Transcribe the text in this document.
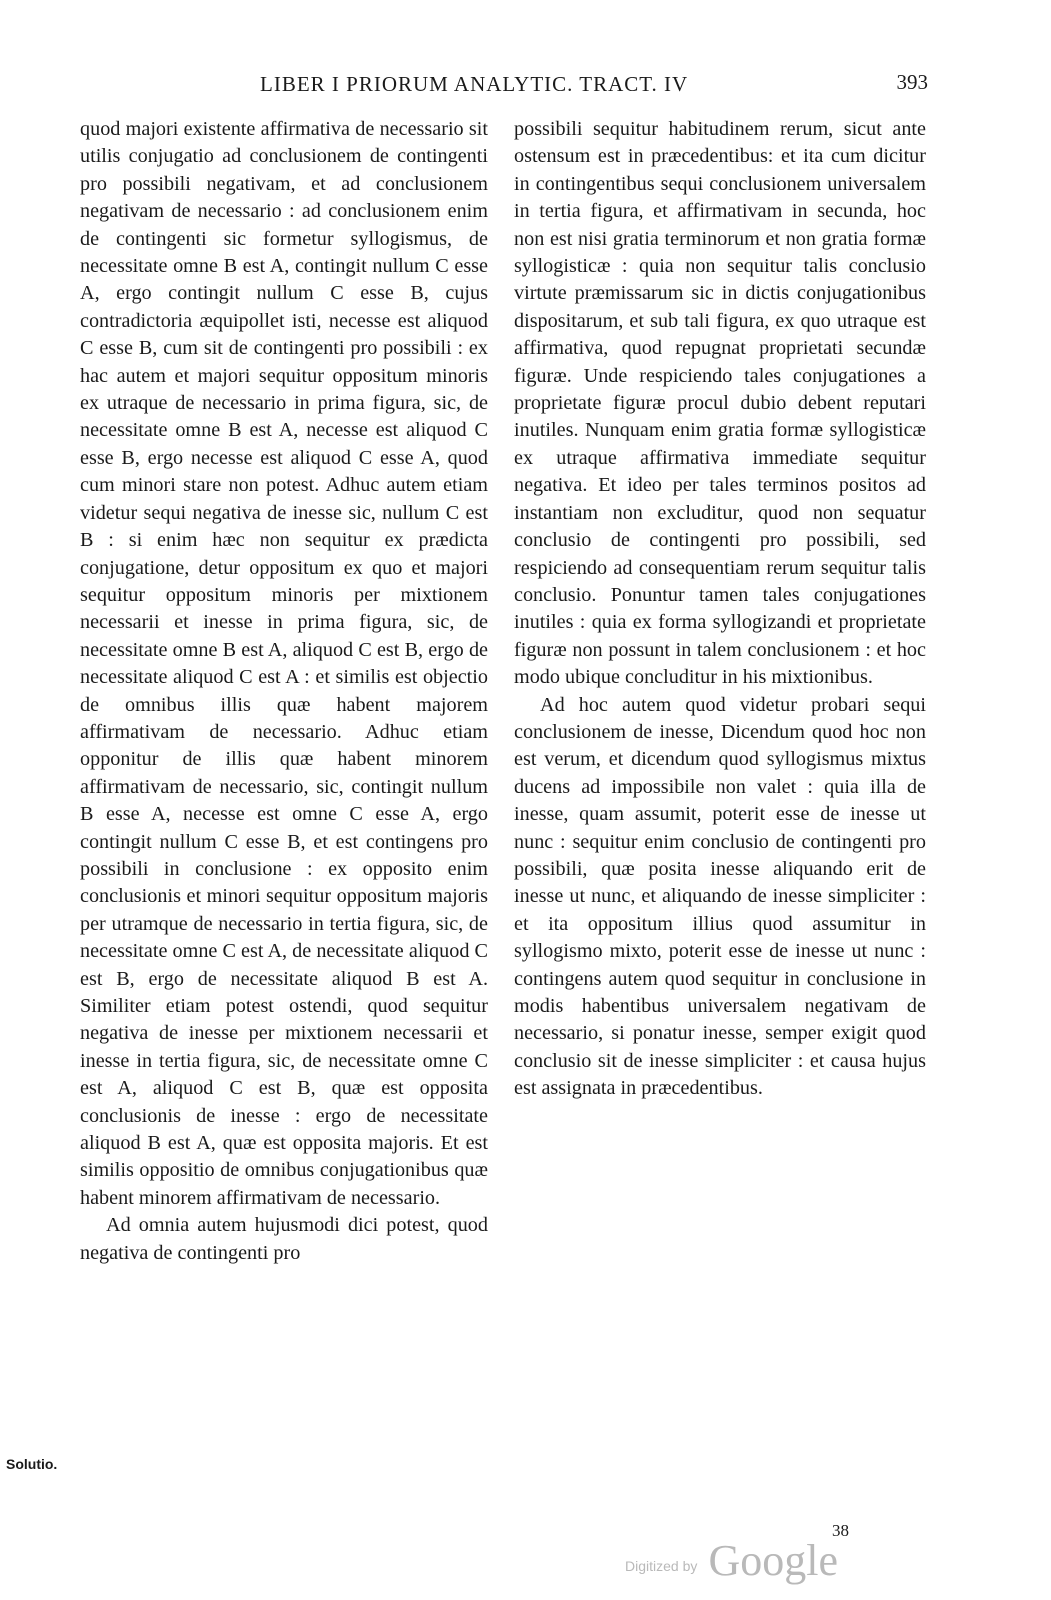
LIBER I PRIORUM ANALYTIC. TRACT. IV	393

quod majori existente affirmativa de necessario sit utilis conjugatio ad conclusionem de contingenti pro possibili negativam, et ad conclusionem negativam de necessario : ad conclusionem enim de contingenti sic formetur syllogismus, de necessitate omne B est A, contingit nullum C esse A, ergo contingit nullum C esse B, cujus contradictoria æquipollet isti, necesse est aliquod C esse B, cum sit de contingenti pro possibili : ex hac autem et majori sequitur oppositum minoris ex utraque de necessario in prima figura, sic, de necessitate omne B est A, necesse est aliquod C esse B, ergo necesse est aliquod C esse A, quod cum minori stare non potest. Adhuc autem etiam videtur sequi negativa de inesse sic, nullum C est B : si enim hæc non sequitur ex prædicta conjugatione, detur oppositum ex quo et majori sequitur oppositum minoris per mixtionem necessarii et inesse in prima figura, sic, de necessitate omne B est A, aliquod C est B, ergo de necessitate aliquod C est A : et similis est objectio de omnibus illis quæ habent majorem affirmativam de necessario. Adhuc etiam opponitur de illis quæ habent minorem affirmativam de necessario, sic, contingit nullum B esse A, necesse est omne C esse A, ergo contingit nullum C esse B, et est contingens pro possibili in conclusione : ex opposito enim conclusionis et minori sequitur oppositum majoris per utramque de necessario in tertia figura, sic, de necessitate omne C est A, de necessitate aliquod C est B, ergo de necessitate aliquod B est A. Similiter etiam potest ostendi, quod sequitur negativa de inesse per mixtionem necessarii et inesse in tertia figura, sic, de necessitate omne C est A, aliquod C est B, quæ est opposita conclusionis de inesse : ergo de necessitate aliquod B est A, quæ est opposita majoris. Et est similis oppositio de omnibus conjugationibus quæ habent minorem affirmativam de necessario.

Ad omnia autem hujusmodi dici potest, quod negativa de contingenti pro

possibili sequitur habitudinem rerum, sicut ante ostensum est in præcedentibus: et ita cum dicitur in contingentibus sequi conclusionem universalem in tertia figura, et affirmativam in secunda, hoc non est nisi gratia terminorum et non gratia formæ syllogisticæ : quia non sequitur talis conclusio virtute præmissarum sic in dictis conjugationibus dispositarum, et sub tali figura, ex quo utraque est affirmativa, quod repugnat proprietati secundæ figuræ. Unde respiciendo tales conjugationes a proprietate figuræ procul dubio debent reputari inutiles. Nunquam enim gratia formæ syllogisticæ ex utraque affirmativa immediate sequitur negativa. Et ideo per tales terminos positos ad instantiam non excluditur, quod non sequatur conclusio de contingenti pro possibili, sed respiciendo ad consequentiam rerum sequitur talis conclusio. Ponuntur tamen tales conjugationes inutiles : quia ex forma syllogizandi et proprietate figuræ non possunt in talem conclusionem : et hoc modo ubique concluditur in his mixtionibus.

Ad hoc autem quod videtur probari sequi conclusionem de inesse, Dicendum quod hoc non est verum, et dicendum quod syllogismus mixtus ducens ad impossibile non valet : quia illa de inesse, quam assumit, poterit esse de inesse ut nunc : sequitur enim conclusio de contingenti pro possibili, quæ posita inesse aliquando erit de inesse ut nunc, et aliquando de inesse simpliciter : et ita oppositum illius quod assumitur in syllogismo mixto, poterit esse de inesse ut nunc : contingens autem quod sequitur in conclusione in modis habentibus universalem negativam de necessario, si ponatur inesse, semper exigit quod conclusio sit de inesse simpliciter : et causa hujus est assignata in præcedentibus.

Solutio.
38
Digitized by Google
